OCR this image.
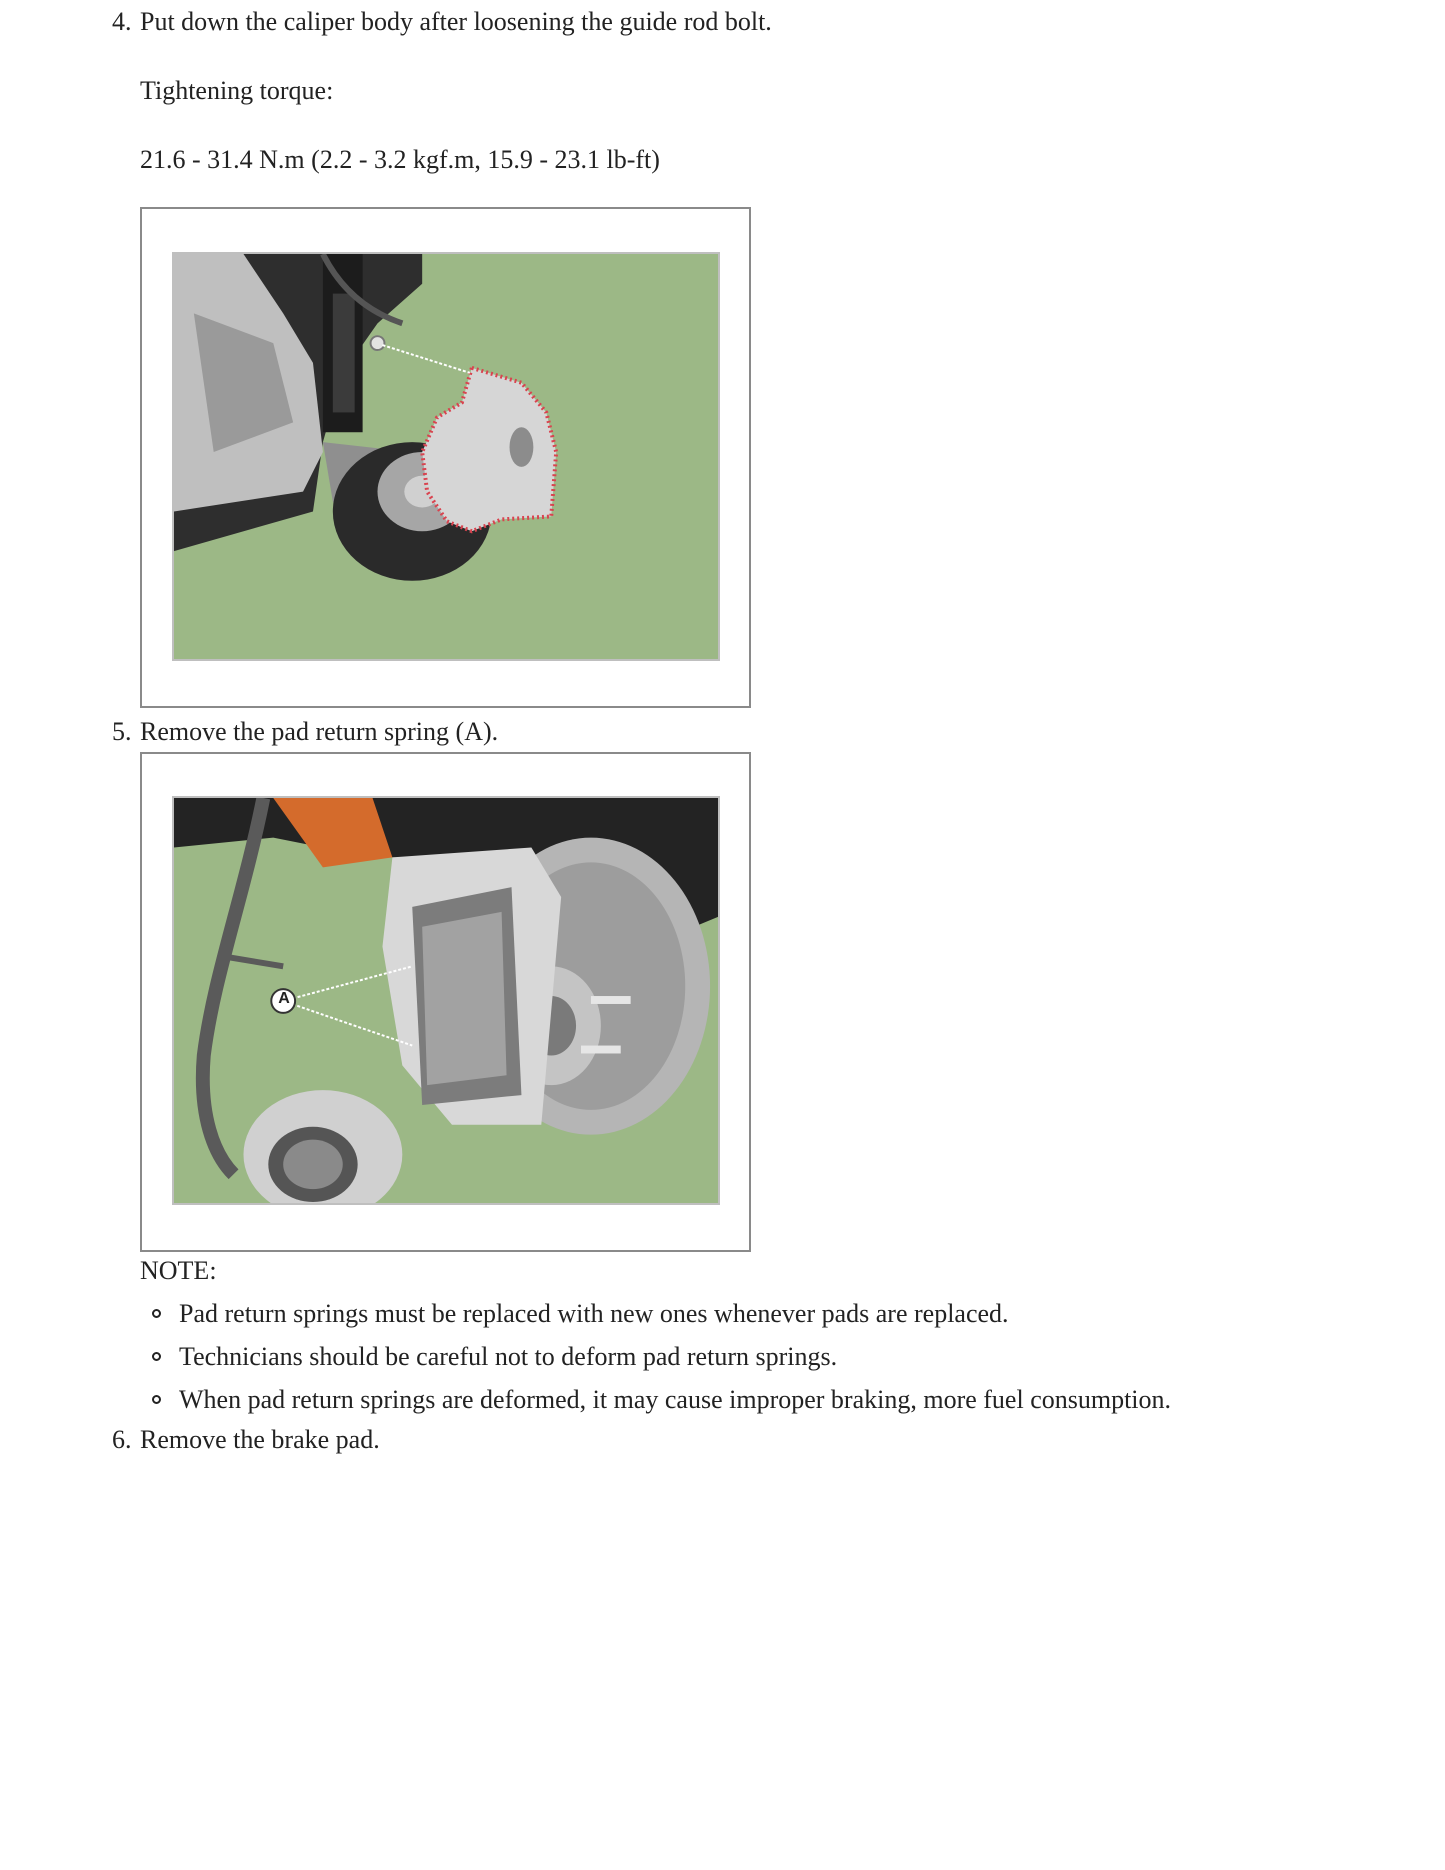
4. Put down the caliper body after loosening the guide rod bolt.
Tightening torque:
21.6 - 31.4 N.m (2.2 - 3.2 kgf.m, 15.9 - 23.1 lb-ft)
5. Remove the pad return spring (A).
A
NOTE:
Pad return springs must be replaced with new ones whenever pads are replaced.
Technicians should be careful not to deform pad return springs.
When pad return springs are deformed, it may cause improper braking, more fuel consumption.
6. Remove the brake pad.
